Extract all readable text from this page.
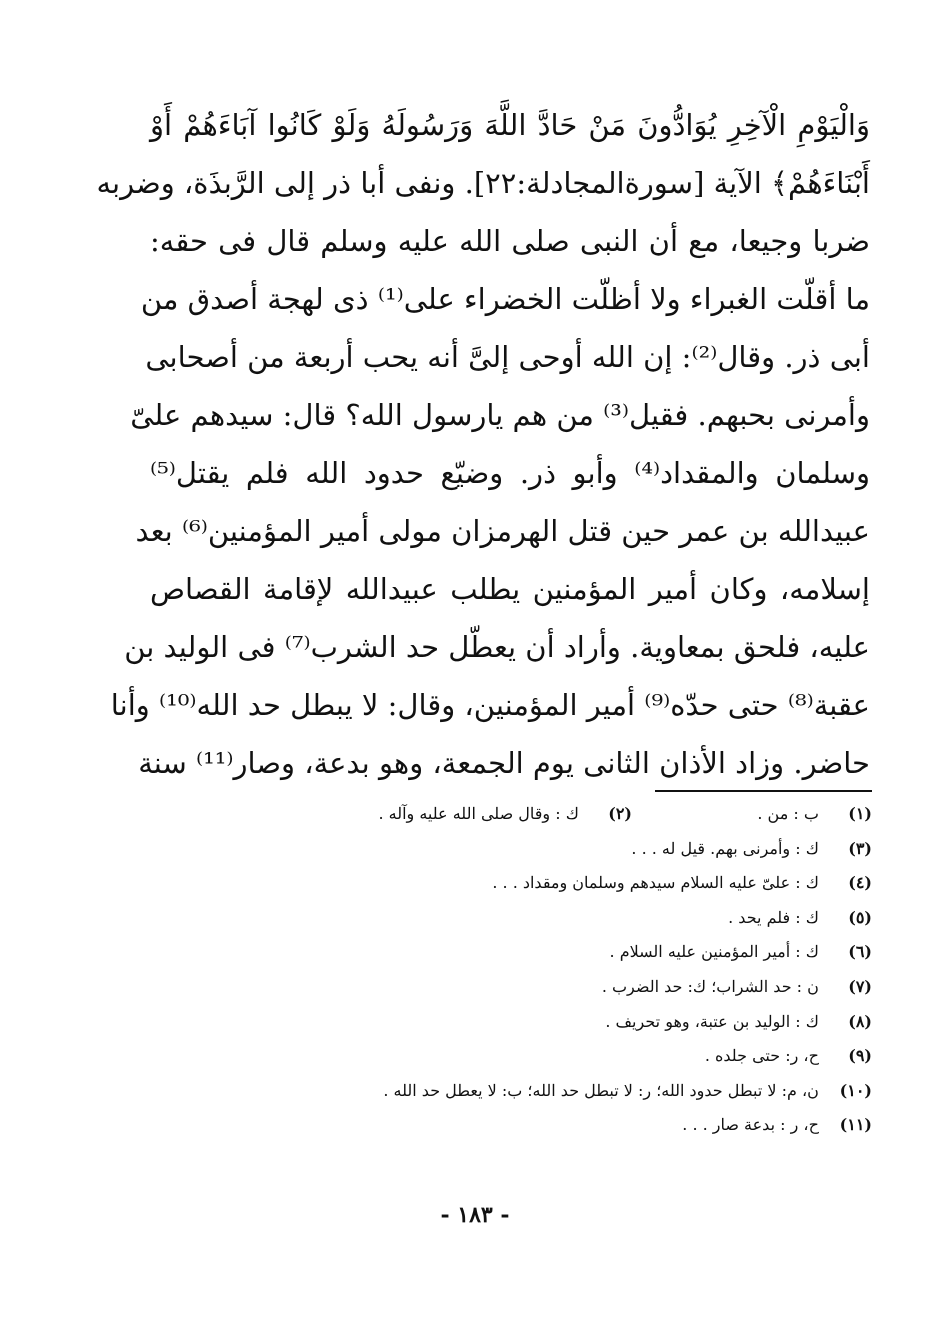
وَالْيَوْمِ الْآخِرِ يُوَادُّونَ مَنْ حَادَّ اللَّهَ وَرَسُولَهُ وَلَوْ كَانُوا آبَاءَهُمْ أَوْ
أَبْنَاءَهُمْ﴾ الآية [سورةالمجادلة:٢٢]. ونفى أبا ذر إلى الرَّبذَة، وضربه
ضربا وجيعا، مع أن النبى صلى الله عليه وسلم قال فى حقه:
ما أقلّت الغبراء ولا أظلّت الخضراء على⁽¹⁾ ذى لهجة أصدق من
أبى ذر. وقال⁽²⁾: إن الله أوحى إلىَّ أنه يحب أربعة من أصحابى
وأمرنى بحبهم. فقيل⁽³⁾ من هم يارسول الله؟ قال: سيدهم علىّ
وسلمان والمقداد⁽⁴⁾ وأبو ذر. وضيّع حدود الله فلم يقتل⁽⁵⁾
عبيدالله بن عمر حين قتل الهرمزان مولى أمير المؤمنين⁽⁶⁾ بعد
إسلامه، وكان أمير المؤمنين يطلب عبيدالله لإقامة القصاص
عليه، فلحق بمعاوية. وأراد أن يعطّل حد الشرب⁽⁷⁾ فى الوليد بن
عقبة⁽⁸⁾ حتى حدّه⁽⁹⁾ أمير المؤمنين، وقال: لا يبطل حد الله⁽¹⁰⁾ وأنا
حاضر. وزاد الأذان الثانى يوم الجمعة، وهو بدعة، وصار⁽¹¹⁾ سنة
(١) ب : من .
(٢) ك : وقال صلى الله عليه وآله .
(٣) ك : وأمرنى بهم. قيل له . . .
(٤) ك : علىّ عليه السلام سيدهم وسلمان ومقداد . . .
(٥) ك : فلم يحد .
(٦) ك : أمير المؤمنين عليه السلام .
(٧) ن : حد الشراب؛ ك: حد الضرب .
(٨) ك : الوليد بن عتبة، وهو تحريف .
(٩) ح، ر: حتى جلده .
(١٠) ن، م: لا تبطل حدود الله؛ ر: لا تبطل حد الله؛ ب: لا يعطل حد الله .
(١١) ح، ر : بدعة صار . . .
- ١٨٣ -
